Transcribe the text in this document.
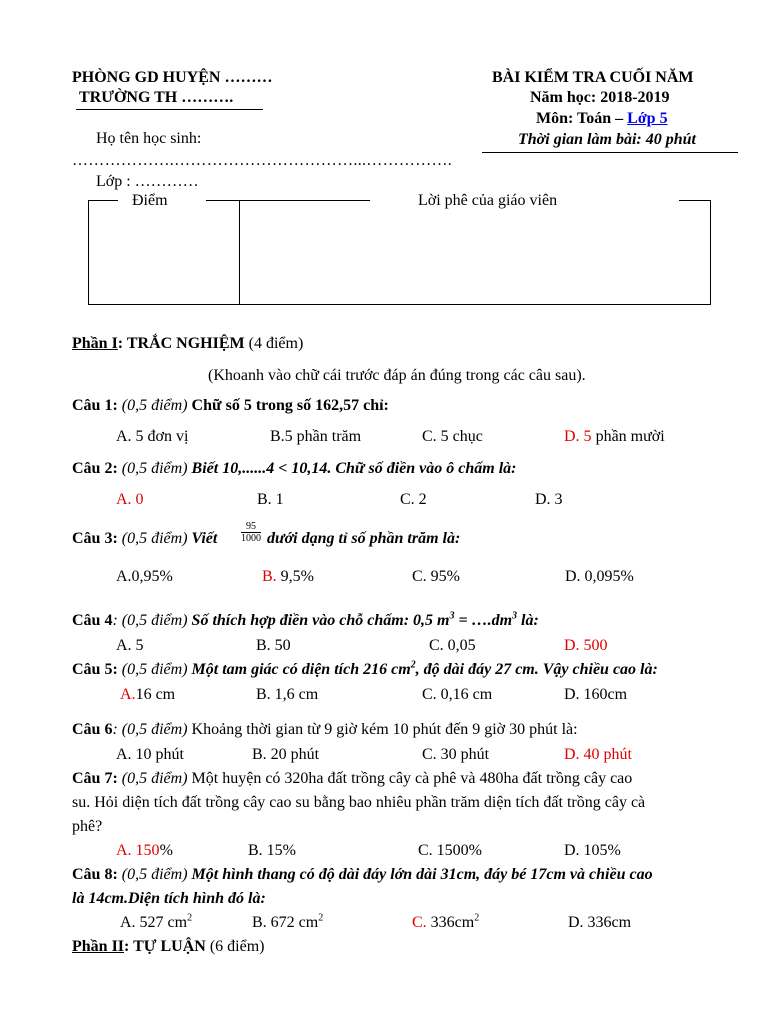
PHÒNG GD HUYỆN ………
TRƯỜNG TH ……….
BÀI KIỂM TRA CUỐI NĂM
Năm học: 2018-2019
Môn: Toán – Lớp 5
Thời gian làm bài: 40 phút
Họ tên học sinh:
……………….……………………………...…………….
Lớp : …………
Điểm	Lời phê của giáo viên
Phần I: TRẮC NGHIỆM (4 điểm)
(Khoanh vào chữ cái trước đáp án đúng trong các câu sau).
Câu 1: (0,5 điểm) Chữ số 5 trong số 162,57 chỉ:
A. 5 đơn vị	B.5 phần trăm	C. 5 chục	D. 5 phần mười
Câu 2: (0,5 điểm) Biết 10,......4 < 10,14. Chữ số điền vào ô chấm là:
A. 0	B. 1	C. 2	D. 3
Câu 3: (0,5 điểm) Viết $\frac{95}{1000}$ dưới dạng tỉ số phần trăm là:
A.0,95%	B. 9,5%	C. 95%	D. 0,095%
Câu 4: (0,5 điểm) Số thích hợp điền vào chỗ chấm: 0,5 $m^3$ = $\dots.dm^3$ là:
A. 5	B. 50	C. 0,05	D. 500
Câu 5: (0,5 điểm) Một tam giác có diện tích 216 $cm^2$, độ dài đáy 27 cm. Vậy chiều cao là:
A.16 cm	B. 1,6 cm	C. 0,16 cm	D. 160cm
Câu 6: (0,5 điểm) Khoảng thời gian từ 9 giờ kém 10 phút đến 9 giờ 30 phút là:
A. 10 phút	B. 20 phút	C. 30 phút	D. 40 phút
Câu 7: (0,5 điểm) Một huyện có 320ha đất trồng cây cà phê và 480ha đất trồng cây cao
su. Hỏi diện tích đất trồng cây cao su bằng bao nhiêu phần trăm diện tích đất trồng cây cà
phê?
A. 150%	B. 15%	C. 1500%	D. 105%
Câu 8: (0,5 điểm) Một hình thang có độ dài đáy lớn dài 31cm, đáy bé 17cm và chiều cao
là 14cm.Diện tích hình đó là:
A. 527 $cm^2$	B. 672 $cm^2$	C. $336cm^2$	D. 336cm
Phần II: TỰ LUẬN (6 điểm)
